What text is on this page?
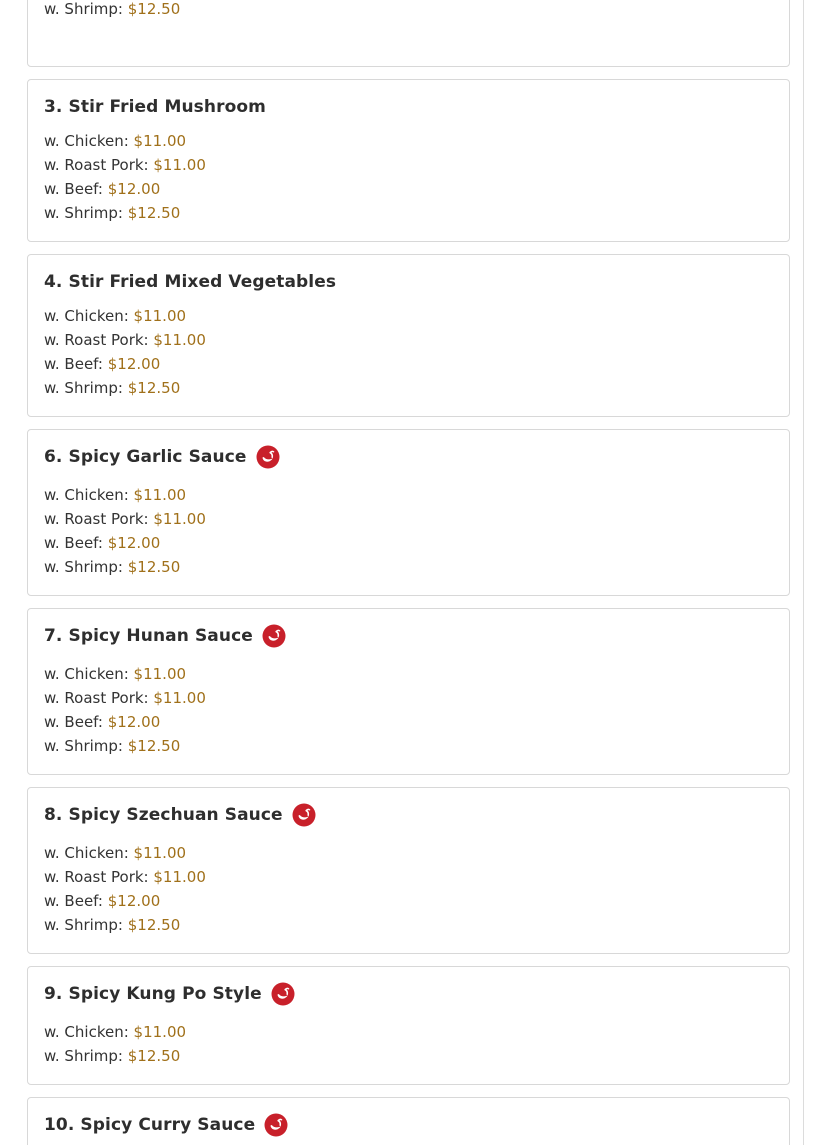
w. Shrimp: $12.50
3. Stir Fried Mushroom
w. Chicken: $11.00
w. Roast Pork: $11.00
w. Beef: $12.00
w. Shrimp: $12.50
4. Stir Fried Mixed Vegetables
w. Chicken: $11.00
w. Roast Pork: $11.00
w. Beef: $12.00
w. Shrimp: $12.50
6. Spicy Garlic Sauce
w. Chicken: $11.00
w. Roast Pork: $11.00
w. Beef: $12.00
w. Shrimp: $12.50
7. Spicy Hunan Sauce
w. Chicken: $11.00
w. Roast Pork: $11.00
w. Beef: $12.00
w. Shrimp: $12.50
8. Spicy Szechuan Sauce
w. Chicken: $11.00
w. Roast Pork: $11.00
w. Beef: $12.00
w. Shrimp: $12.50
9. Spicy Kung Po Style
w. Chicken: $11.00
w. Shrimp: $12.50
10. Spicy Curry Sauce
